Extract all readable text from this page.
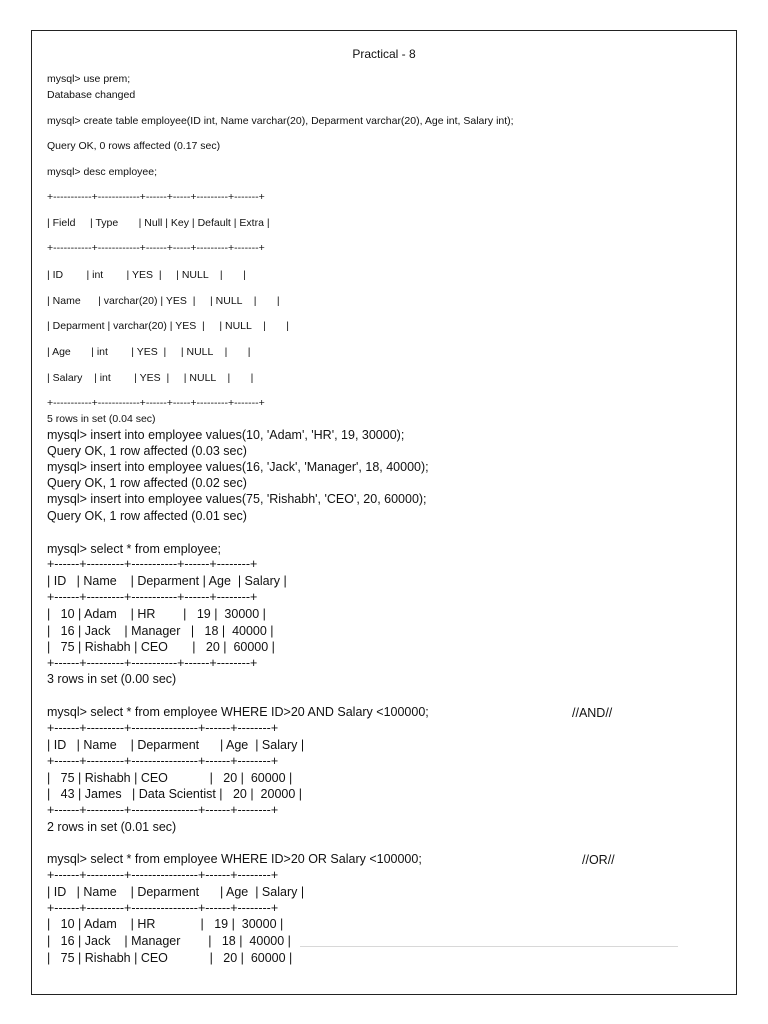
Practical - 8
mysql> use prem;
Database changed
mysql> create table employee(ID int, Name varchar(20), Deparment varchar(20), Age int, Salary int);
Query OK, 0 rows affected (0.17 sec)
mysql> desc employee;
+-----------+------------+------+-----+---------+-------+
| Field     | Type       | Null | Key | Default | Extra |
+-----------+------------+------+-----+---------+-------+
| ID        | int        | YES  |     | NULL    |       |
| Name      | varchar(20) | YES  |     | NULL    |       |
| Deparment | varchar(20) | YES  |     | NULL    |       |
| Age       | int        | YES  |     | NULL    |       |
| Salary    | int        | YES  |     | NULL    |       |
+-----------+------------+------+-----+---------+-------+
5 rows in set (0.04 sec)
mysql> insert into employee values(10, 'Adam', 'HR', 19, 30000);
Query OK, 1 row affected (0.03 sec)
mysql> insert into employee values(16, 'Jack', 'Manager', 18, 40000);
Query OK, 1 row affected (0.02 sec)
mysql> insert into employee values(75, 'Rishabh', 'CEO', 20, 60000);
Query OK, 1 row affected (0.01 sec)
mysql> select * from employee;
+------+---------+-----------+------+--------+
| ID   | Name    | Deparment | Age  | Salary |
+------+---------+-----------+------+--------+
|   10 | Adam    | HR        |   19 |  30000 |
|   16 | Jack    | Manager   |   18 |  40000 |
|   75 | Rishabh | CEO       |   20 |  60000 |
+------+---------+-----------+------+--------+
3 rows in set (0.00 sec)
mysql> select * from employee WHERE ID>20 AND Salary <100000;	//AND//
+------+---------+----------------+------+--------+
| ID   | Name    | Deparment      | Age  | Salary |
+------+---------+----------------+------+--------+
|   75 | Rishabh | CEO            |   20 |  60000 |
|   43 | James   | Data Scientist |   20 |  20000 |
+------+---------+----------------+------+--------+
2 rows in set (0.01 sec)
mysql> select * from employee WHERE ID>20 OR Salary <100000;	//OR//
+------+---------+----------------+------+--------+
| ID   | Name    | Deparment      | Age  | Salary |
+------+---------+----------------+------+--------+
|   10 | Adam    | HR             |   19 |  30000 |
|   16 | Jack    | Manager        |   18 |  40000 |
|   75 | Rishabh | CEO            |   20 |  60000 |
